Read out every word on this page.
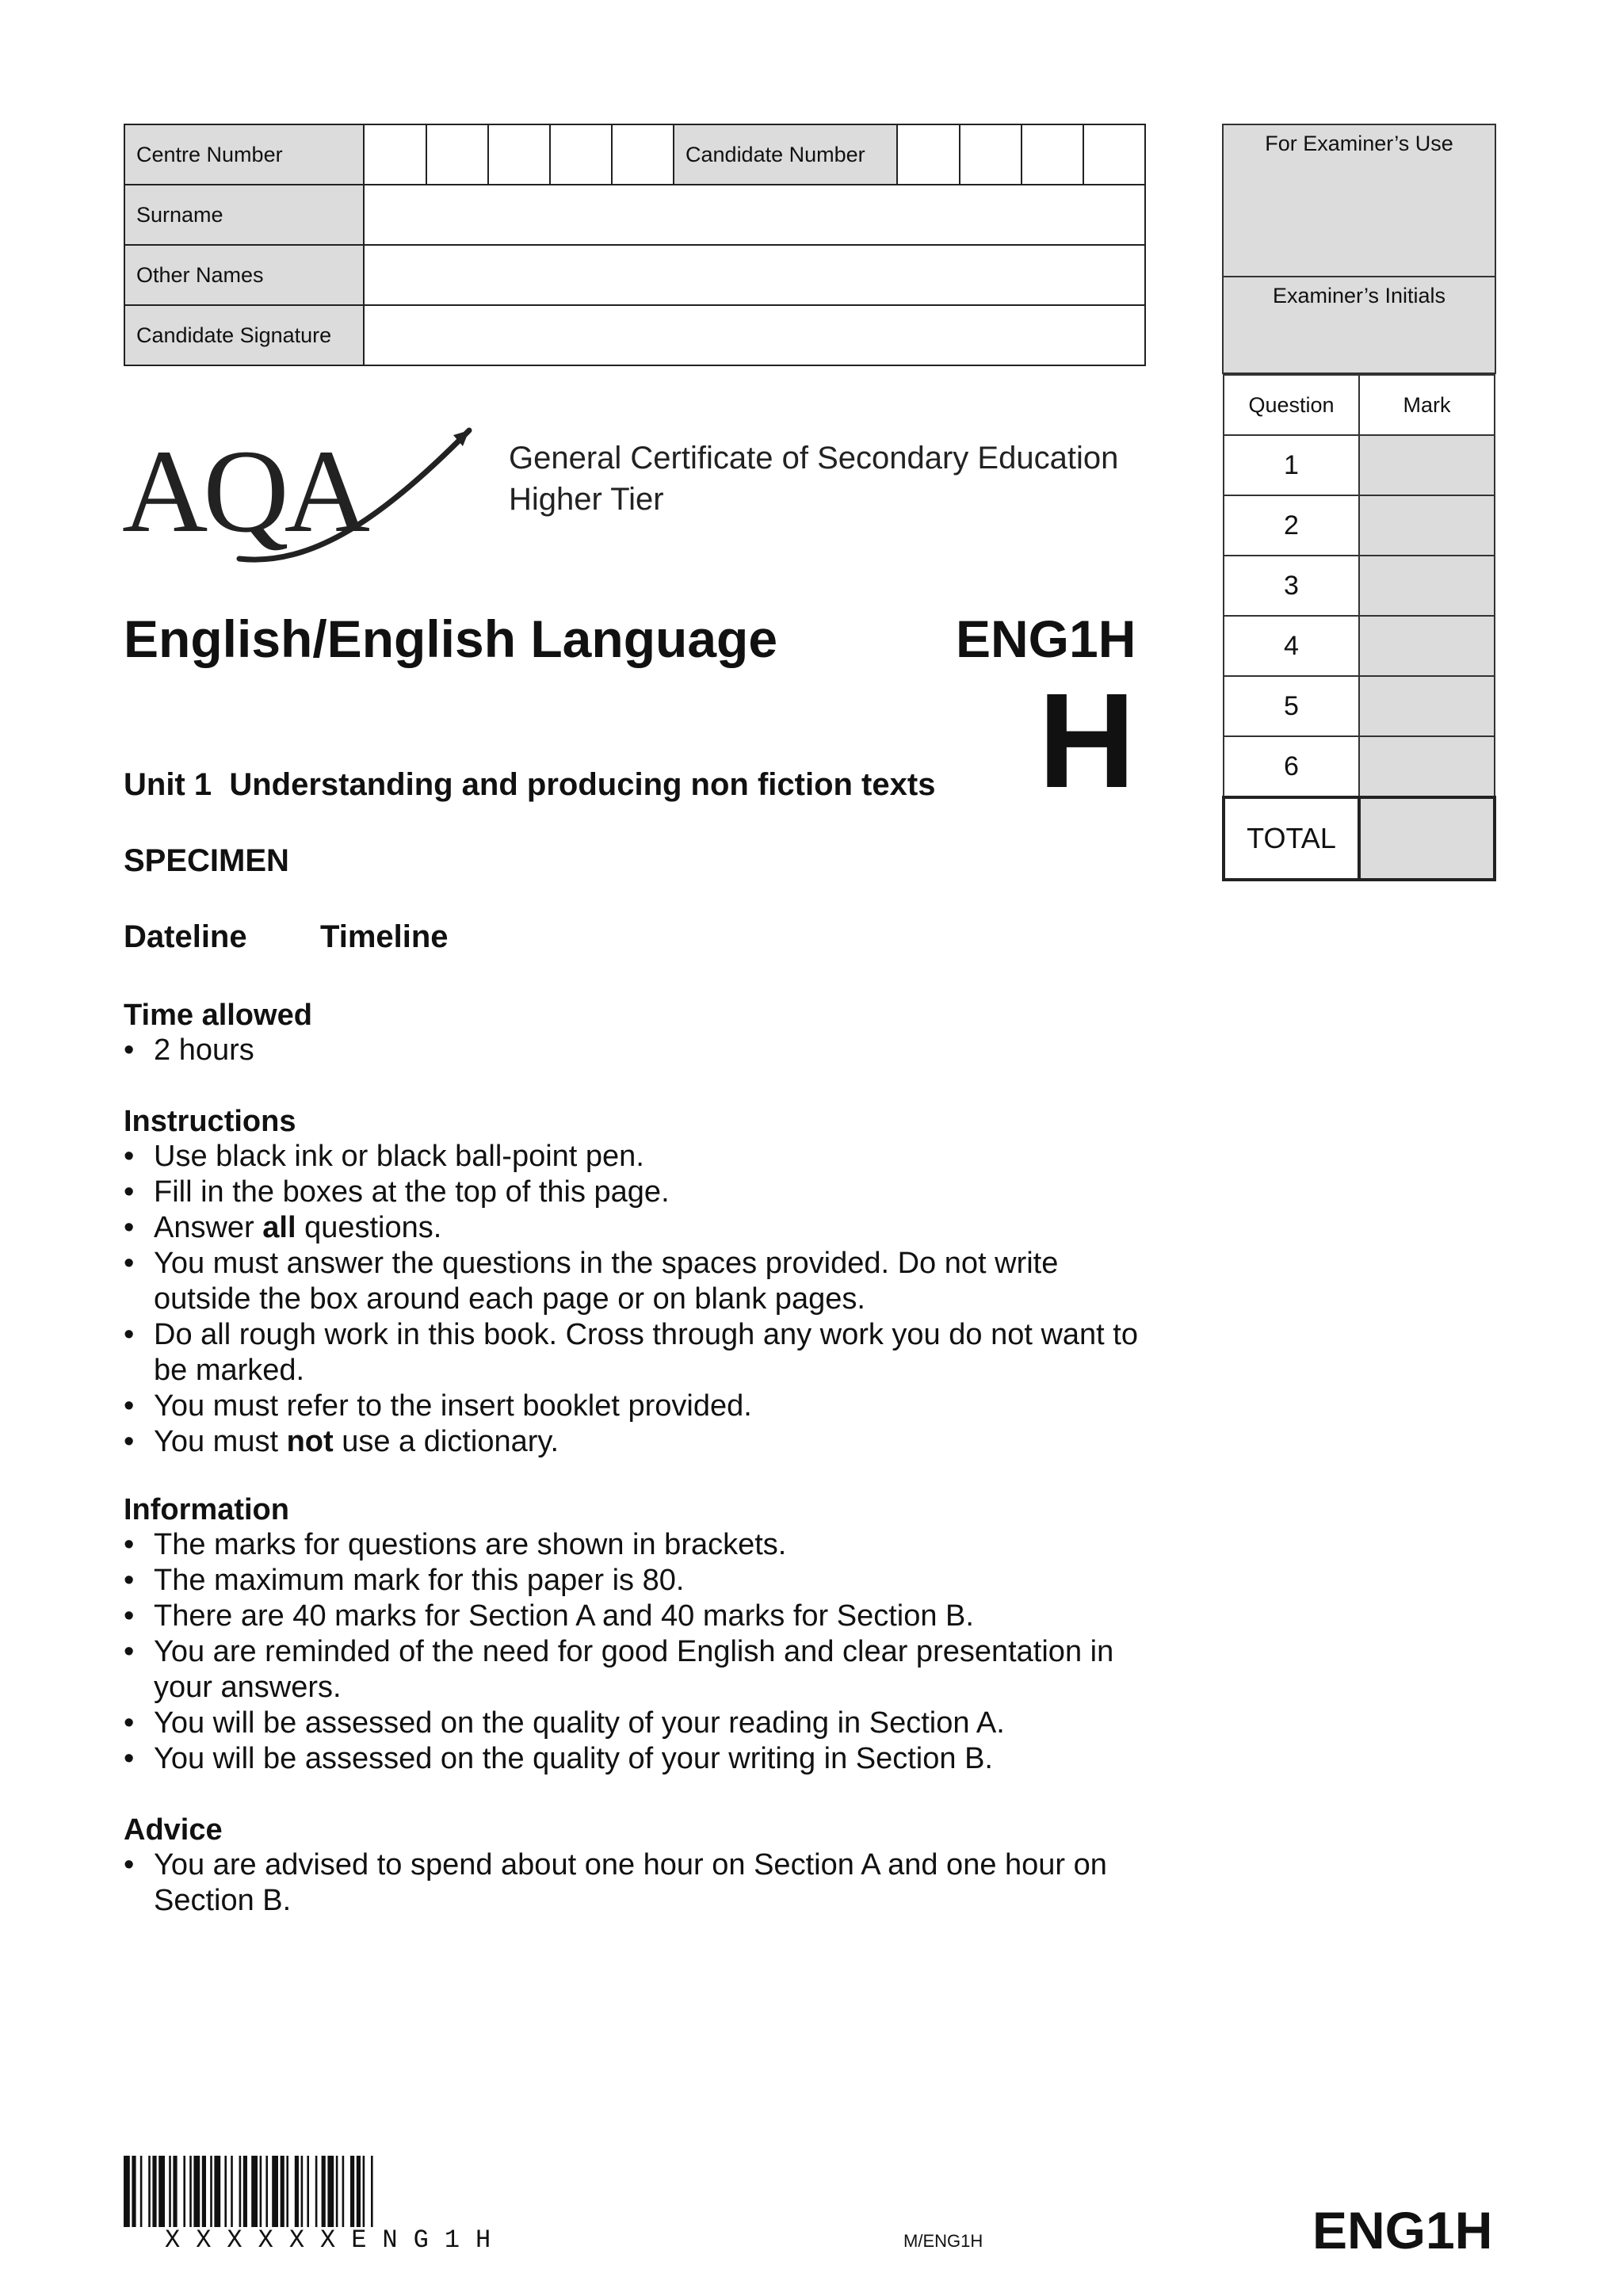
Centre Number						Candidate Number				
Surname										
Other Names										
Candidate Signature										
For Examiner’s Use
Examiner’s Initials
Question	Mark
1	
2	
3	
4	
5	
6	
TOTAL	
AQA	General Certificate of Secondary Education
Higher Tier
English/English Language	ENG1H
H
Unit 1  Understanding and producing non fiction texts
SPECIMEN
Dateline Timeline
Time allowed
• 2 hours
Instructions
• Use black ink or black ball-point pen.
• Fill in the boxes at the top of this page.
• Answer all questions.
• You must answer the questions in the spaces provided. Do not write outside the box around each page or on blank pages.
• Do all rough work in this book. Cross through any work you do not want to be marked.
• You must refer to the insert booklet provided.
• You must not use a dictionary.
Information
• The marks for questions are shown in brackets.
• The maximum mark for this paper is 80.
• There are 40 marks for Section A and 40 marks for Section B.
• You are reminded of the need for good English and clear presentation in your answers.
• You will be assessed on the quality of your reading in Section A.
• You will be assessed on the quality of your writing in Section B.
Advice
• You are advised to spend about one hour on Section A and one hour on Section B.
XXXXXXENG1H	M/ENG1H	ENG1H
